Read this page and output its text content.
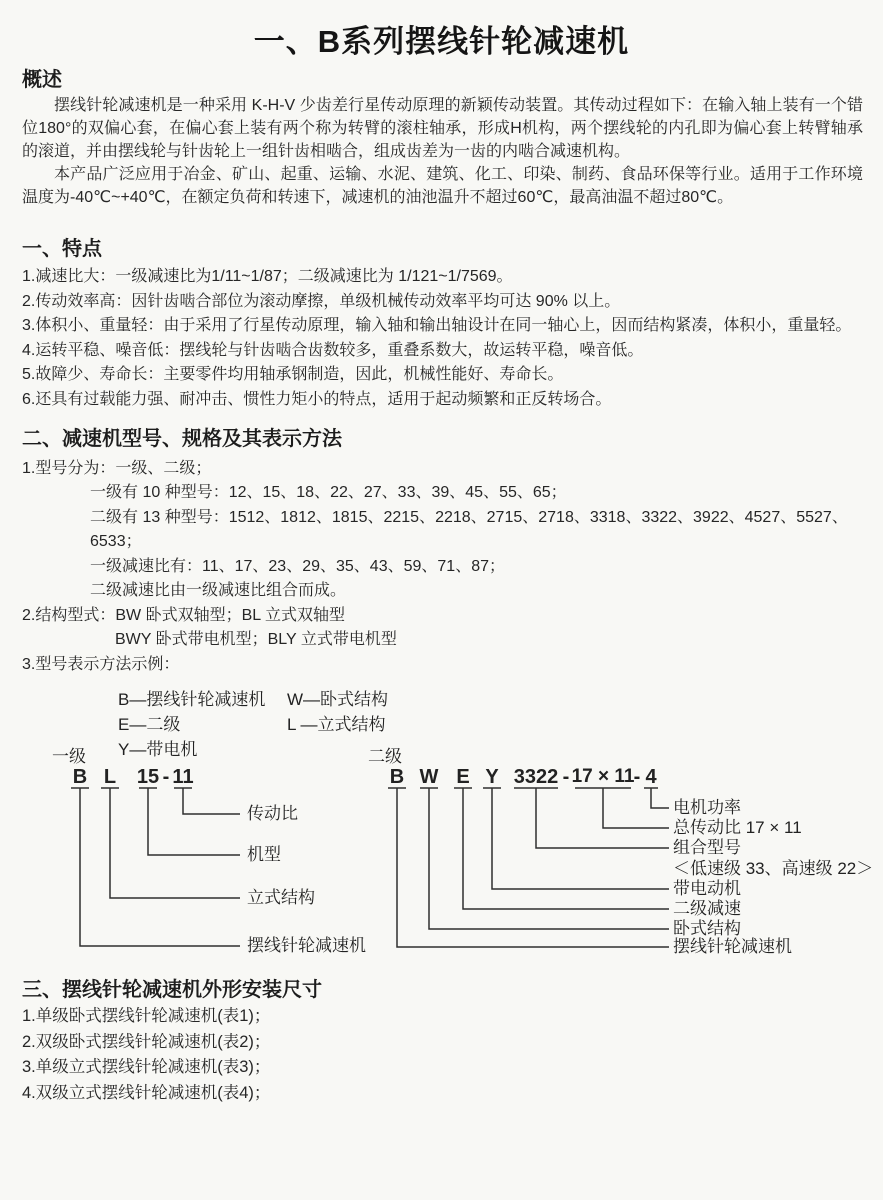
一、B系列摆线针轮减速机
概述

摆线针轮减速机是一种采用 K-H-V 少齿差行星传动原理的新颖传动装置。其传动过程如下：在输入轴上装有一个错位180°的双偏心套，在偏心套上装有两个称为转臂的滚柱轴承，形成H机构，两个摆线轮的内孔即为偏心套上转臂轴承的滚道，并由摆线轮与针齿轮上一组针齿相啮合，组成齿差为一齿的内啮合减速机构。

本产品广泛应用于冶金、矿山、起重、运输、水泥、建筑、化工、印染、制药、食品环保等行业。适用于工作环境温度为-40℃~+40℃，在额定负荷和转速下，减速机的油池温升不超过60℃，最高油温不超过80℃。

一、特点
1.减速比大：一级减速比为1/11~1/87；二级减速比为 1/121~1/7569。
2.传动效率高：因针齿啮合部位为滚动摩擦，单级机械传动效率平均可达 90% 以上。
3.体积小、重量轻：由于采用了行星传动原理，输入轴和输出轴设计在同一轴心上，因而结构紧凑，体积小，重量轻。
4.运转平稳、噪音低：摆线轮与针齿啮合齿数较多，重叠系数大，故运转平稳，噪音低。
5.故障少、寿命长：主要零件均用轴承钢制造，因此，机械性能好、寿命长。
6.还具有过载能力强、耐冲击、惯性力矩小的特点，适用于起动频繁和正反转场合。
二、减速机型号、规格及其表示方法
1.型号分为：一级、二级；
一级有 10 种型号：12、15、18、22、27、33、39、45、55、65；
二级有 13 种型号：1512、1812、1815、2215、2218、2715、2718、3318、3322、3922、4527、5527、6533；
一级减速比有：11、17、23、29、35、43、59、71、87；
二级减速比由一级减速比组合而成。
2.结构型式：BW 卧式双轴型；BL 立式双轴型
BWY 卧式带电机型；BLY 立式带电机型
3.型号表示方法示例：
B—摆线针轮减速机	W—卧式结构
E—二级	L —立式结构
Y—带电机
一级	二级
B L 15 - 11
传动比
机型
立式结构
摆线针轮减速机
B W E Y 3322 - 17 × 11 - 4
电机功率
总传动比 17 × 11
组合型号
＜低速级 33、高速级 22＞
带电动机
二级减速
卧式结构
摆线针轮减速机
三、摆线针轮减速机外形安装尺寸
1.单级卧式摆线针轮减速机(表1)；
2.双级卧式摆线针轮减速机(表2)；
3.单级立式摆线针轮减速机(表3)；
4.双级立式摆线针轮减速机(表4)；
